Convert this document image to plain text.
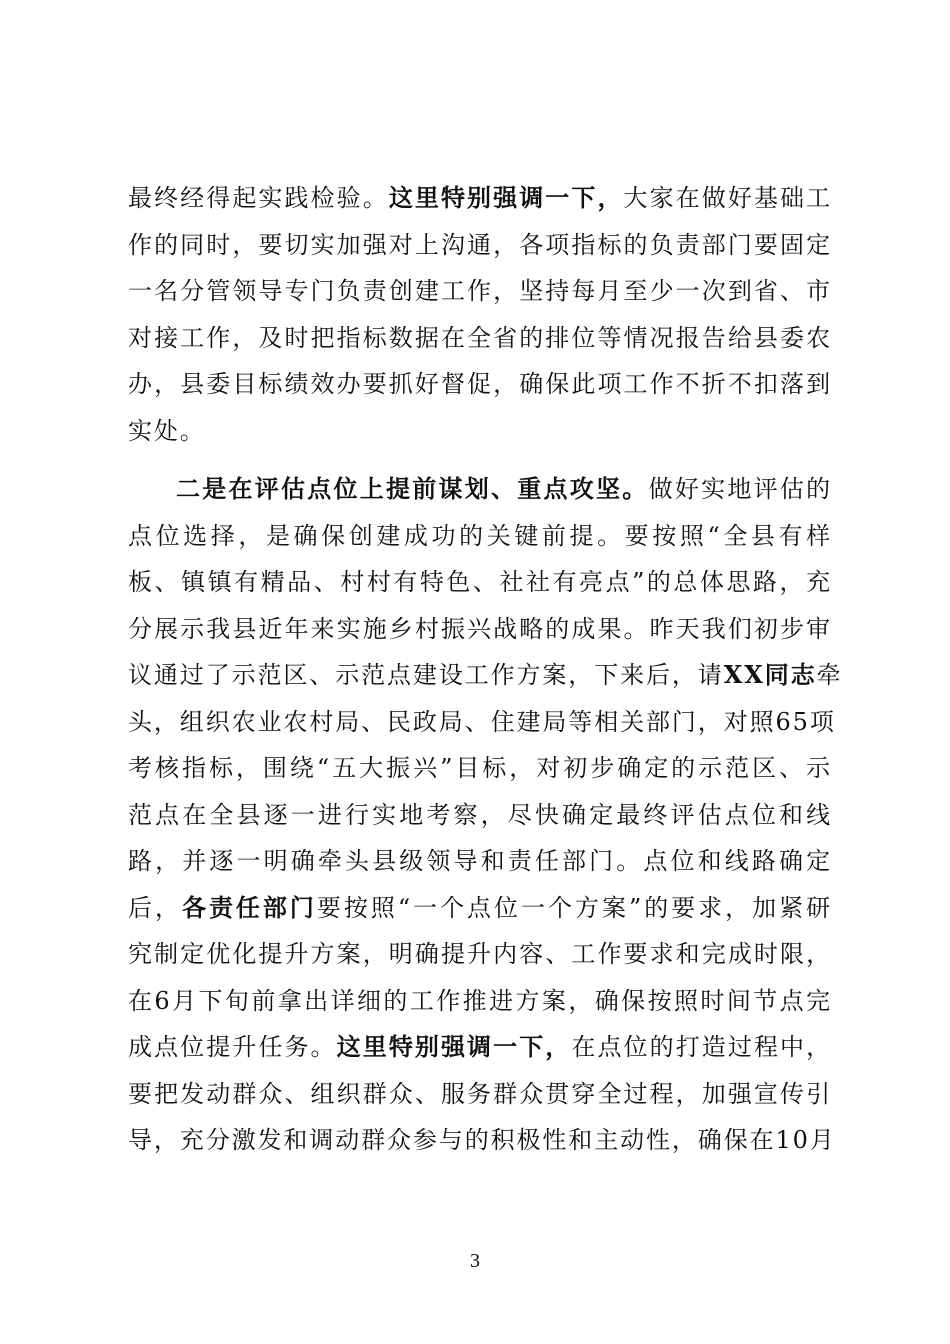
最终经得起实践检验。这里特别强调一下，大家在做好基础工
作的同时，要切实加强对上沟通，各项指标的负责部门要固定
一名分管领导专门负责创建工作，坚持每月至少一次到省、市
对接工作，及时把指标数据在全省的排位等情况报告给县委农
办，县委目标绩效办要抓好督促，确保此项工作不折不扣落到
实处。
二是在评估点位上提前谋划、重点攻坚。做好实地评估的
点位选择，是确保创建成功的关键前提。要按照“全县有样
板、镇镇有精品、村村有特色、社社有亮点”的总体思路，充
分展示我县近年来实施乡村振兴战略的成果。昨天我们初步审
议通过了示范区、示范点建设工作方案，下来后，请XX同志牵
头，组织农业农村局、民政局、住建局等相关部门，对照65项
考核指标，围绕“五大振兴”目标，对初步确定的示范区、示
范点在全县逐一进行实地考察，尽快确定最终评估点位和线
路，并逐一明确牵头县级领导和责任部门。点位和线路确定
后，各责任部门要按照“一个点位一个方案”的要求，加紧研
究制定优化提升方案，明确提升内容、工作要求和完成时限，
在6月下旬前拿出详细的工作推进方案，确保按照时间节点完
成点位提升任务。这里特别强调一下，在点位的打造过程中，
要把发动群众、组织群众、服务群众贯穿全过程，加强宣传引
导，充分激发和调动群众参与的积极性和主动性，确保在10月
3
